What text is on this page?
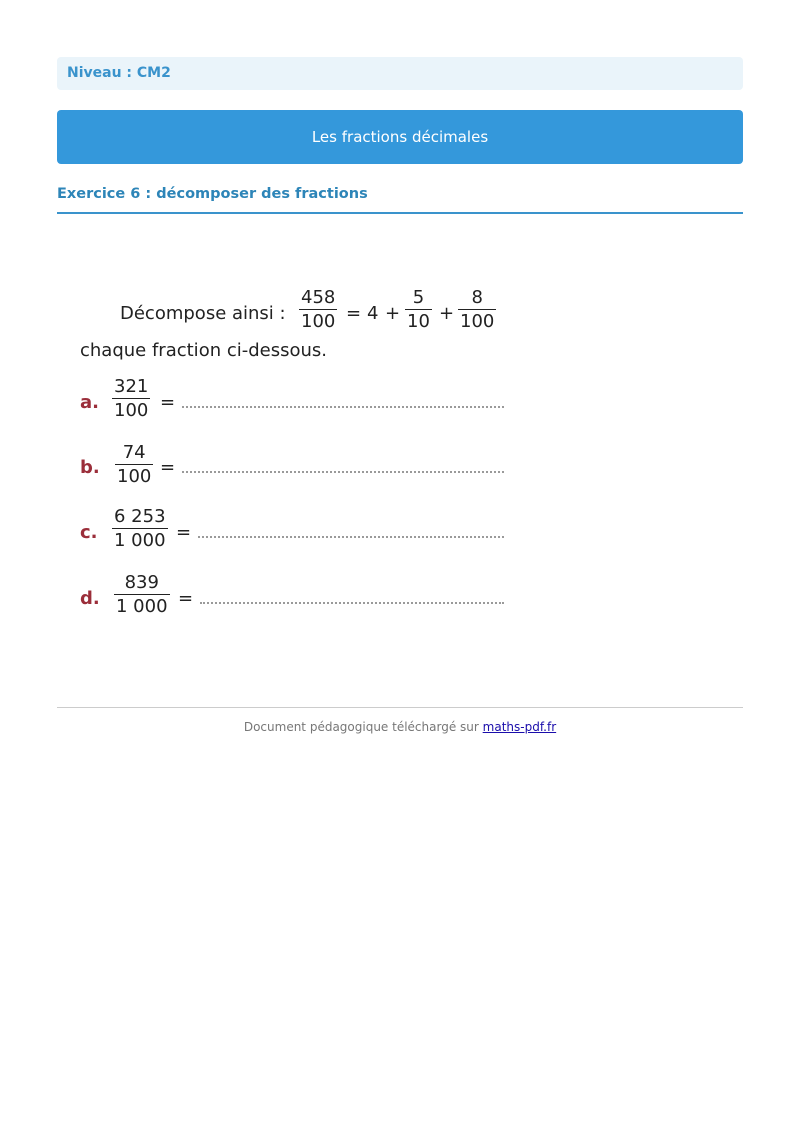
Niveau : CM2
Les fractions décimales
Exercice 6 : décomposer des fractions
Décompose ainsi :
458
100 = 4 +
5
10 +
8
100
chaque fraction ci-dessous.
a.
321
100 =
b.
74
100 =
c.
6 253
1 000 =
d.
839
1 000 =
Document pédagogique téléchargé sur maths-pdf.fr
